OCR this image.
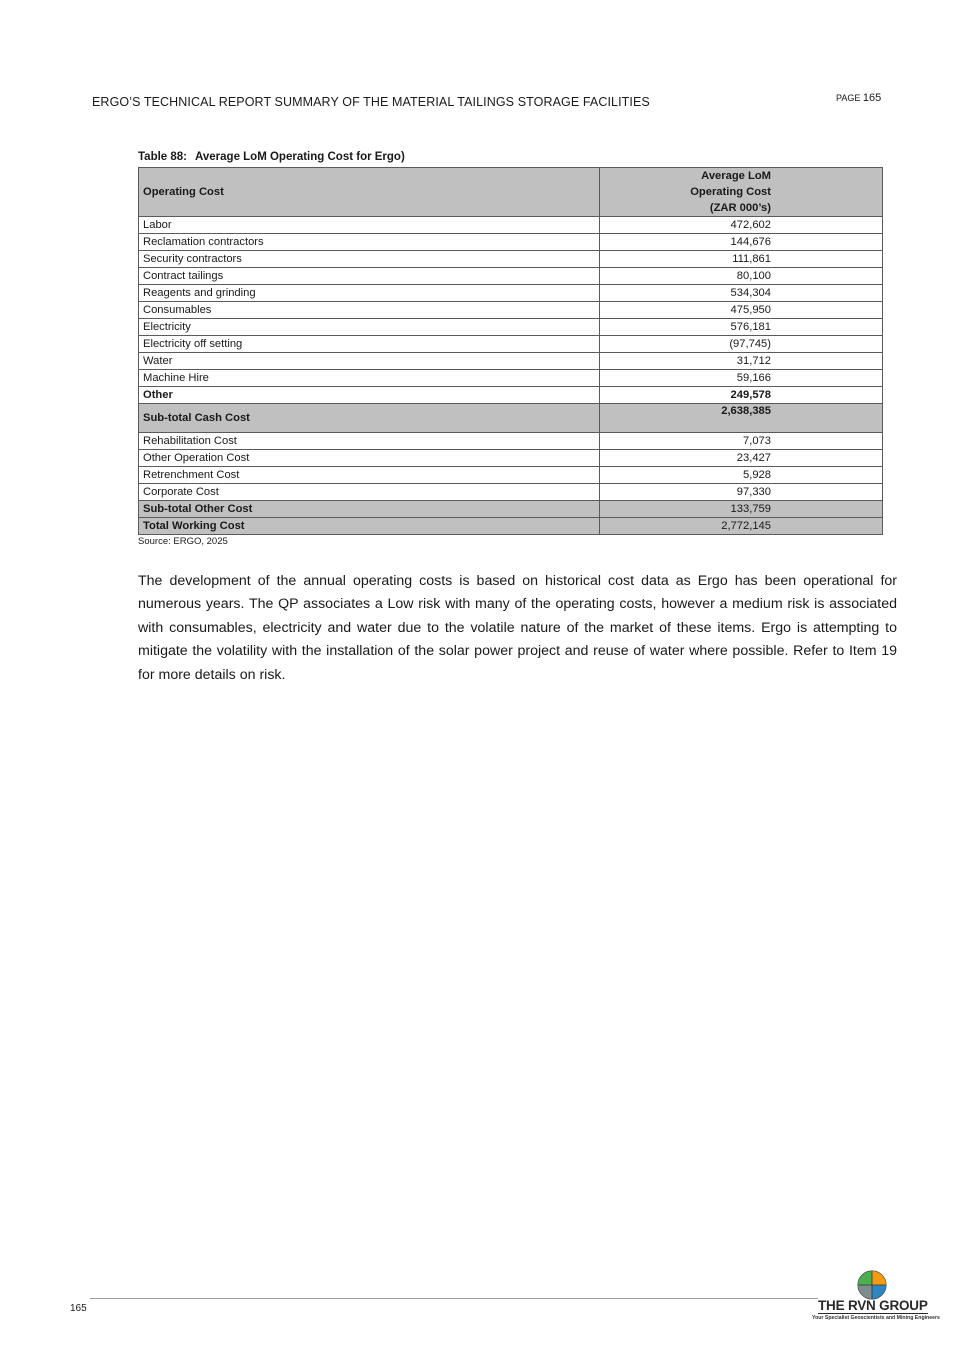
ERGO’S TECHNICAL REPORT SUMMARY OF THE MATERIAL TAILINGS STORAGE FACILITIES	PAGE 165
Table 88: Average LoM Operating Cost for Ergo)
Operating Cost	Average LoM
Operating Cost
(ZAR 000’s)

Labor	472,602
Reclamation contractors	144,676
Security contractors	111,861
Contract tailings	80,100
Reagents and grinding	534,304
Consumables	475,950
Electricity	576,181
Electricity off setting	(97,745)
Water	31,712
Machine Hire	59,166
Other	249,578
Sub-total Cash Cost	2,638,385
Rehabilitation Cost	7,073
Other Operation Cost	23,427
Retrenchment Cost	5,928
Corporate Cost	97,330
Sub-total Other Cost	133,759
Total Working Cost	2,772,145
Source: ERGO, 2025

The development of the annual operating costs is based on historical cost data as Ergo has been operational for numerous years. The QP associates a Low risk with many of the operating costs, however a medium risk is associated with consumables, electricity and water due to the volatile nature of the market of these items. Ergo is attempting to mitigate the volatility with the installation of the solar power project and reuse of water where possible. Refer to Item 19 for more details on risk.

165	THE RVN GROUP
Your Specialist Geoscientists and Mining Engineers
